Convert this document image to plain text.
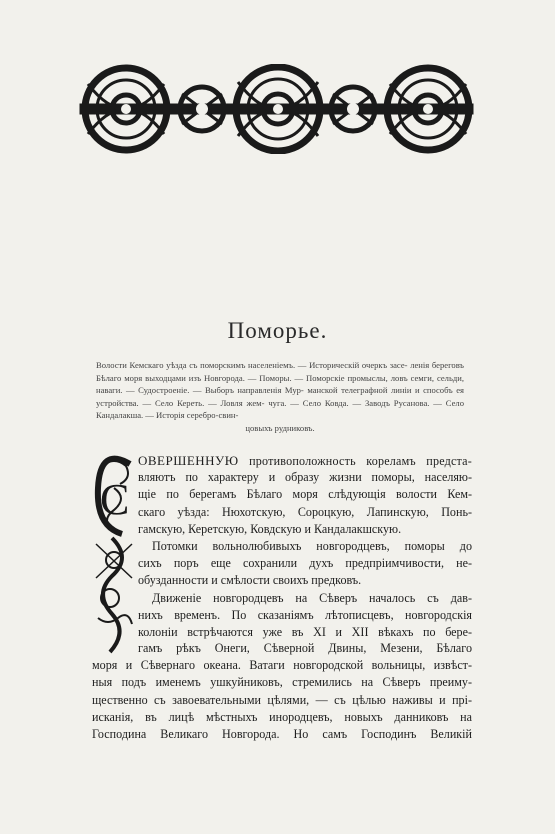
Поморье.
Волости Кемскаго уѣзда съ поморскимъ населеніемъ. — Историческій очеркъ засе- ленія береговъ Бѣлаго моря выходцами изъ Новгорода. — Поморы. — Поморскіе промыслы, ловъ семги, сельди, наваги. — Судостроеніе. — Выборъ направленія Мур- манской телеграфной линіи и способъ ея устройства. — Село Кереть. — Ловля жем- чуга. — Село Ковда. — Заводъ Русанова. — Село Кандалакша. — Исторія серебро-свин-
цовыхъ рудниковъ.
С
ОВЕРШЕННУЮ противоположность кореламъ предста-
вляютъ по характеру и образу жизни поморы, населяю-
щіе по берегамъ Бѣлаго моря слѣдующія волости Кем-
скаго уѣзда: Нюхотскую, Сороцкую, Лапинскую, Понь-
гамскую, Керетскую, Ковдскую и Кандалакшскую.
Потомки вольнолюбивыхъ новгородцевъ, поморы до
сихъ поръ еще сохранили духъ предпріимчивости, не-
обузданности и смѣлости своихъ предковъ.
Движеніе новгородцевъ на Сѣверъ началось съ дав-
нихъ временъ. По сказаніямъ лѣтописцевъ, новгородскія
колоніи встрѣчаются уже въ XI и XII вѣкахъ по бере-
гамъ рѣкъ Онеги, Сѣверной Двины, Мезени, Бѣлаго
моря и Сѣвернаго океана. Ватаги новгородской вольницы, извѣст-
ныя подъ именемъ ушкуйниковъ, стремились на Сѣверъ преиму-
щественно съ завоевательными цѣлями, — съ цѣлью наживы и прі-
исканія, въ лицѣ мѣстныхъ инородцевъ, новыхъ данниковъ на
Господина Великаго Новгорода. Но самъ Господинъ Великій
